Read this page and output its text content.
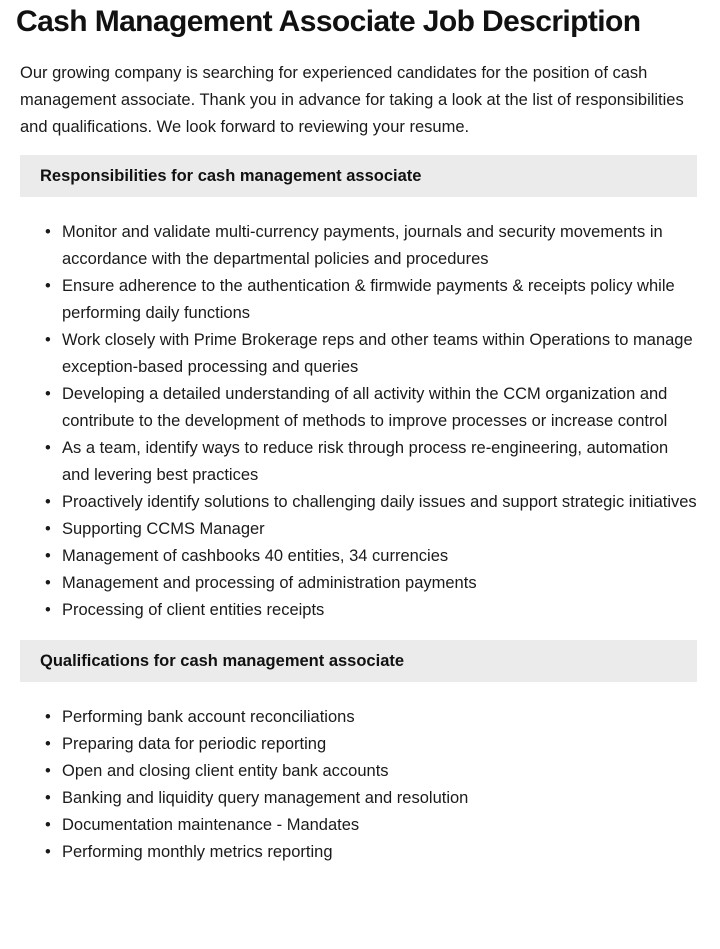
Cash Management Associate Job Description

Our growing company is searching for experienced candidates for the position of cash management associate. Thank you in advance for taking a look at the list of responsibilities and qualifications. We look forward to reviewing your resume.

Responsibilities for cash management associate
• Monitor and validate multi-currency payments, journals and security movements in accordance with the departmental policies and procedures
• Ensure adherence to the authentication & firmwide payments & receipts policy while performing daily functions
• Work closely with Prime Brokerage reps and other teams within Operations to manage exception-based processing and queries
• Developing a detailed understanding of all activity within the CCM organization and contribute to the development of methods to improve processes or increase control
• As a team, identify ways to reduce risk through process re-engineering, automation and levering best practices
• Proactively identify solutions to challenging daily issues and support strategic initiatives
• Supporting CCMS Manager
• Management of cashbooks 40 entities, 34 currencies
• Management and processing of administration payments
• Processing of client entities receipts
Qualifications for cash management associate
• Performing bank account reconciliations
• Preparing data for periodic reporting
• Open and closing client entity bank accounts
• Banking and liquidity query management and resolution
• Documentation maintenance - Mandates
• Performing monthly metrics reporting
